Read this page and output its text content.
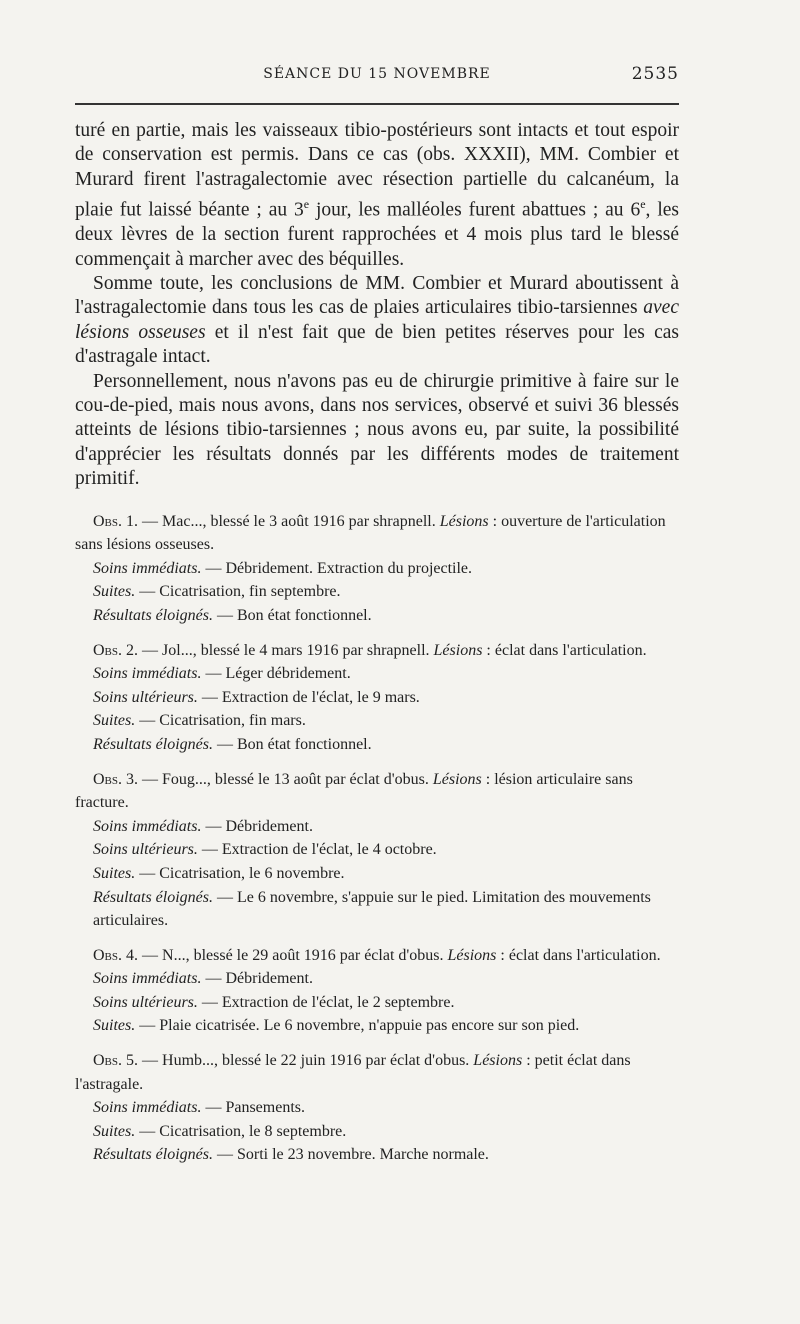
SÉANCE DU 15 NOVEMBRE	2535

turé en partie, mais les vaisseaux tibio-postérieurs sont intacts et tout espoir de conservation est permis. Dans ce cas (obs. XXXII), MM. Combier et Murard firent l'astragalectomie avec résection partielle du calcanéum, la plaie fut laissé béante ; au 3e jour, les malléoles furent abattues ; au 6e, les deux lèvres de la section furent rapprochées et 4 mois plus tard le blessé commençait à marcher avec des béquilles.

Somme toute, les conclusions de MM. Combier et Murard aboutissent à l'astragalectomie dans tous les cas de plaies articulaires tibio-tarsiennes avec lésions osseuses et il n'est fait que de bien petites réserves pour les cas d'astragale intact.

Personnellement, nous n'avons pas eu de chirurgie primitive à faire sur le cou-de-pied, mais nous avons, dans nos services, observé et suivi 36 blessés atteints de lésions tibio-tarsiennes ; nous avons eu, par suite, la possibilité d'apprécier les résultats donnés par les différents modes de traitement primitif.

Obs. 1. — Mac..., blessé le 3 août 1916 par shrapnell. Lésions : ouverture de l'articulation sans lésions osseuses.

Soins immédiats. — Débridement. Extraction du projectile.

Suites. — Cicatrisation, fin septembre.

Résultats éloignés. — Bon état fonctionnel.

Obs. 2. — Jol..., blessé le 4 mars 1916 par shrapnell. Lésions : éclat dans l'articulation.

Soins immédiats. — Léger débridement.

Soins ultérieurs. — Extraction de l'éclat, le 9 mars.

Suites. — Cicatrisation, fin mars.

Résultats éloignés. — Bon état fonctionnel.

Obs. 3. — Foug..., blessé le 13 août par éclat d'obus. Lésions : lésion articulaire sans fracture.

Soins immédiats. — Débridement.

Soins ultérieurs. — Extraction de l'éclat, le 4 octobre.

Suites. — Cicatrisation, le 6 novembre.

Résultats éloignés. — Le 6 novembre, s'appuie sur le pied. Limitation des mouvements articulaires.

Obs. 4. — N..., blessé le 29 août 1916 par éclat d'obus. Lésions : éclat dans l'articulation.

Soins immédiats. — Débridement.

Soins ultérieurs. — Extraction de l'éclat, le 2 septembre.

Suites. — Plaie cicatrisée. Le 6 novembre, n'appuie pas encore sur son pied.

Obs. 5. — Humb..., blessé le 22 juin 1916 par éclat d'obus. Lésions : petit éclat dans l'astragale.

Soins immédiats. — Pansements.

Suites. — Cicatrisation, le 8 septembre.

Résultats éloignés. — Sorti le 23 novembre. Marche normale.
